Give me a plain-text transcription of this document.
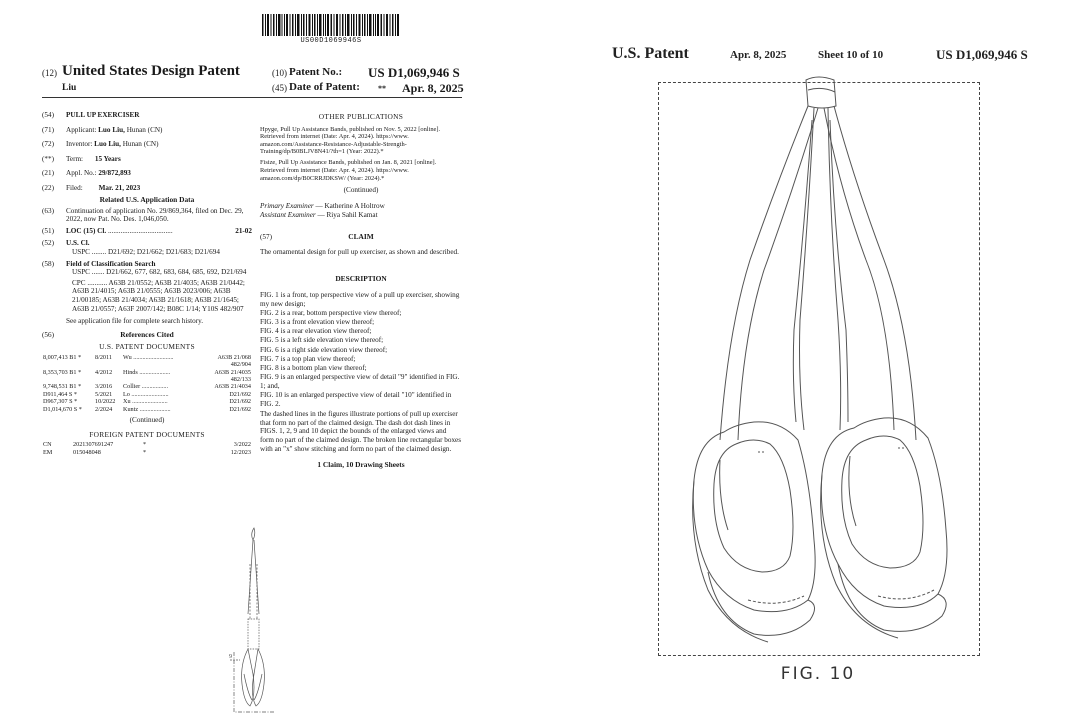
US00D1069946S
(12) United States Design Patent
Liu
(10) Patent No.: US D1,069,946 S
(45) Date of Patent: ** Apr. 8, 2025
(54)	PULL UP EXERCISER
(71)	Applicant: Luo Liu, Hunan (CN)
(72)	Inventor: Luo Liu, Hunan (CN)
(**)	Term: 15 Years
(21)	Appl. No.: 29/872,893
(22)	Filed: Mar. 21, 2023
Related U.S. Application Data
(63)	Continuation of application No. 29/869,364, filed on Dec. 29, 2022, now Pat. No. Des. 1,046,050.
(51)	LOC (15) Cl. ....................................	21-02
(52)	U.S. Cl.
USPC ........ D21/692; D21/662; D21/683; D21/694
(58)	Field of Classification Search
USPC ....... D21/662, 677, 682, 683, 684, 685, 692, D21/694
CPC ........... A63B 21/0552; A63B 21/4035; A63B 21/0442; A63B 21/4015; A63B 21/0555; A63B 2023/006; A63B 21/00185; A63B 21/4034; A63B 21/1618; A63B 21/1645; A63B 21/0557; A63F 2007/142; B08C 1/14; Y10S 482/907
See application file for complete search history.
(56)	References Cited
U.S. PATENT DOCUMENTS
8,007,413 B1 *	8/2011	Wu ..........................	A63B 21/068
			482/904
8,353,703 B1 *	4/2012	Hinds ....................	A63B 21/4035
			482/133
9,748,531 B1 *	3/2016	Collier .................	A63B 21/4034
D911,464 S *	5/2021	Lo ........................	D21/692
D967,307 S *	10/2022	Xu .......................	D21/692
D1,014,670 S *	2/2024	Kuntz ....................	D21/692
(Continued)
FOREIGN PATENT DOCUMENTS
CN	2021307691247	*	3/2022
EM	015048048	*	12/2023
OTHER PUBLICATIONS
Hpyge, Pull Up Assistance Bands, published on Nov. 5, 2022 [online]. Retrieved from internet (Date: Apr. 4, 2024). https://www. amazon.com/Assistance-Resistance-Adjustable-Strength-Training/dp/B0BLJV8N41/?th=1 (Year: 2022).*
Fisize, Pull Up Assistance Bands, published on Jan. 8, 2021 [online]. Retrieved from internet (Date: Apr. 4, 2024). https://www. amazon.com/dp/B0CRRJDKSW/ (Year: 2024).*
(Continued)
Primary Examiner — Katherine A Holtrow
Assistant Examiner — Riya Sahil Kamat
(57)	CLAIM
The ornamental design for pull up exerciser, as shown and described.
DESCRIPTION
FIG. 1 is a front, top perspective view of a pull up exerciser, showing my new design;
FIG. 2 is a rear, bottom perspective view thereof;
FIG. 3 is a front elevation view thereof;
FIG. 4 is a rear elevation view thereof;
FIG. 5 is a left side elevation view thereof;
FIG. 6 is a right side elevation view thereof;
FIG. 7 is a top plan view thereof;
FIG. 8 is a bottom plan view thereof;
FIG. 9 is an enlarged perspective view of detail "9" identified in FIG. 1; and,
FIG. 10 is an enlarged perspective view of detail "10" identified in FIG. 2.
The dashed lines in the figures illustrate portions of pull up exerciser that form no part of the claimed design. The dash dot dash lines in FIGS. 1, 2, 9 and 10 depict the bounds of the enlarged views and form no part of the claimed design. The broken line rectangular boxes with an "x" show stitching and form no part of the claimed design.
1 Claim, 10 Drawing Sheets
9
U.S. Patent	Apr. 8, 2025	Sheet 10 of 10	US D1,069,946 S
FIG. 10
